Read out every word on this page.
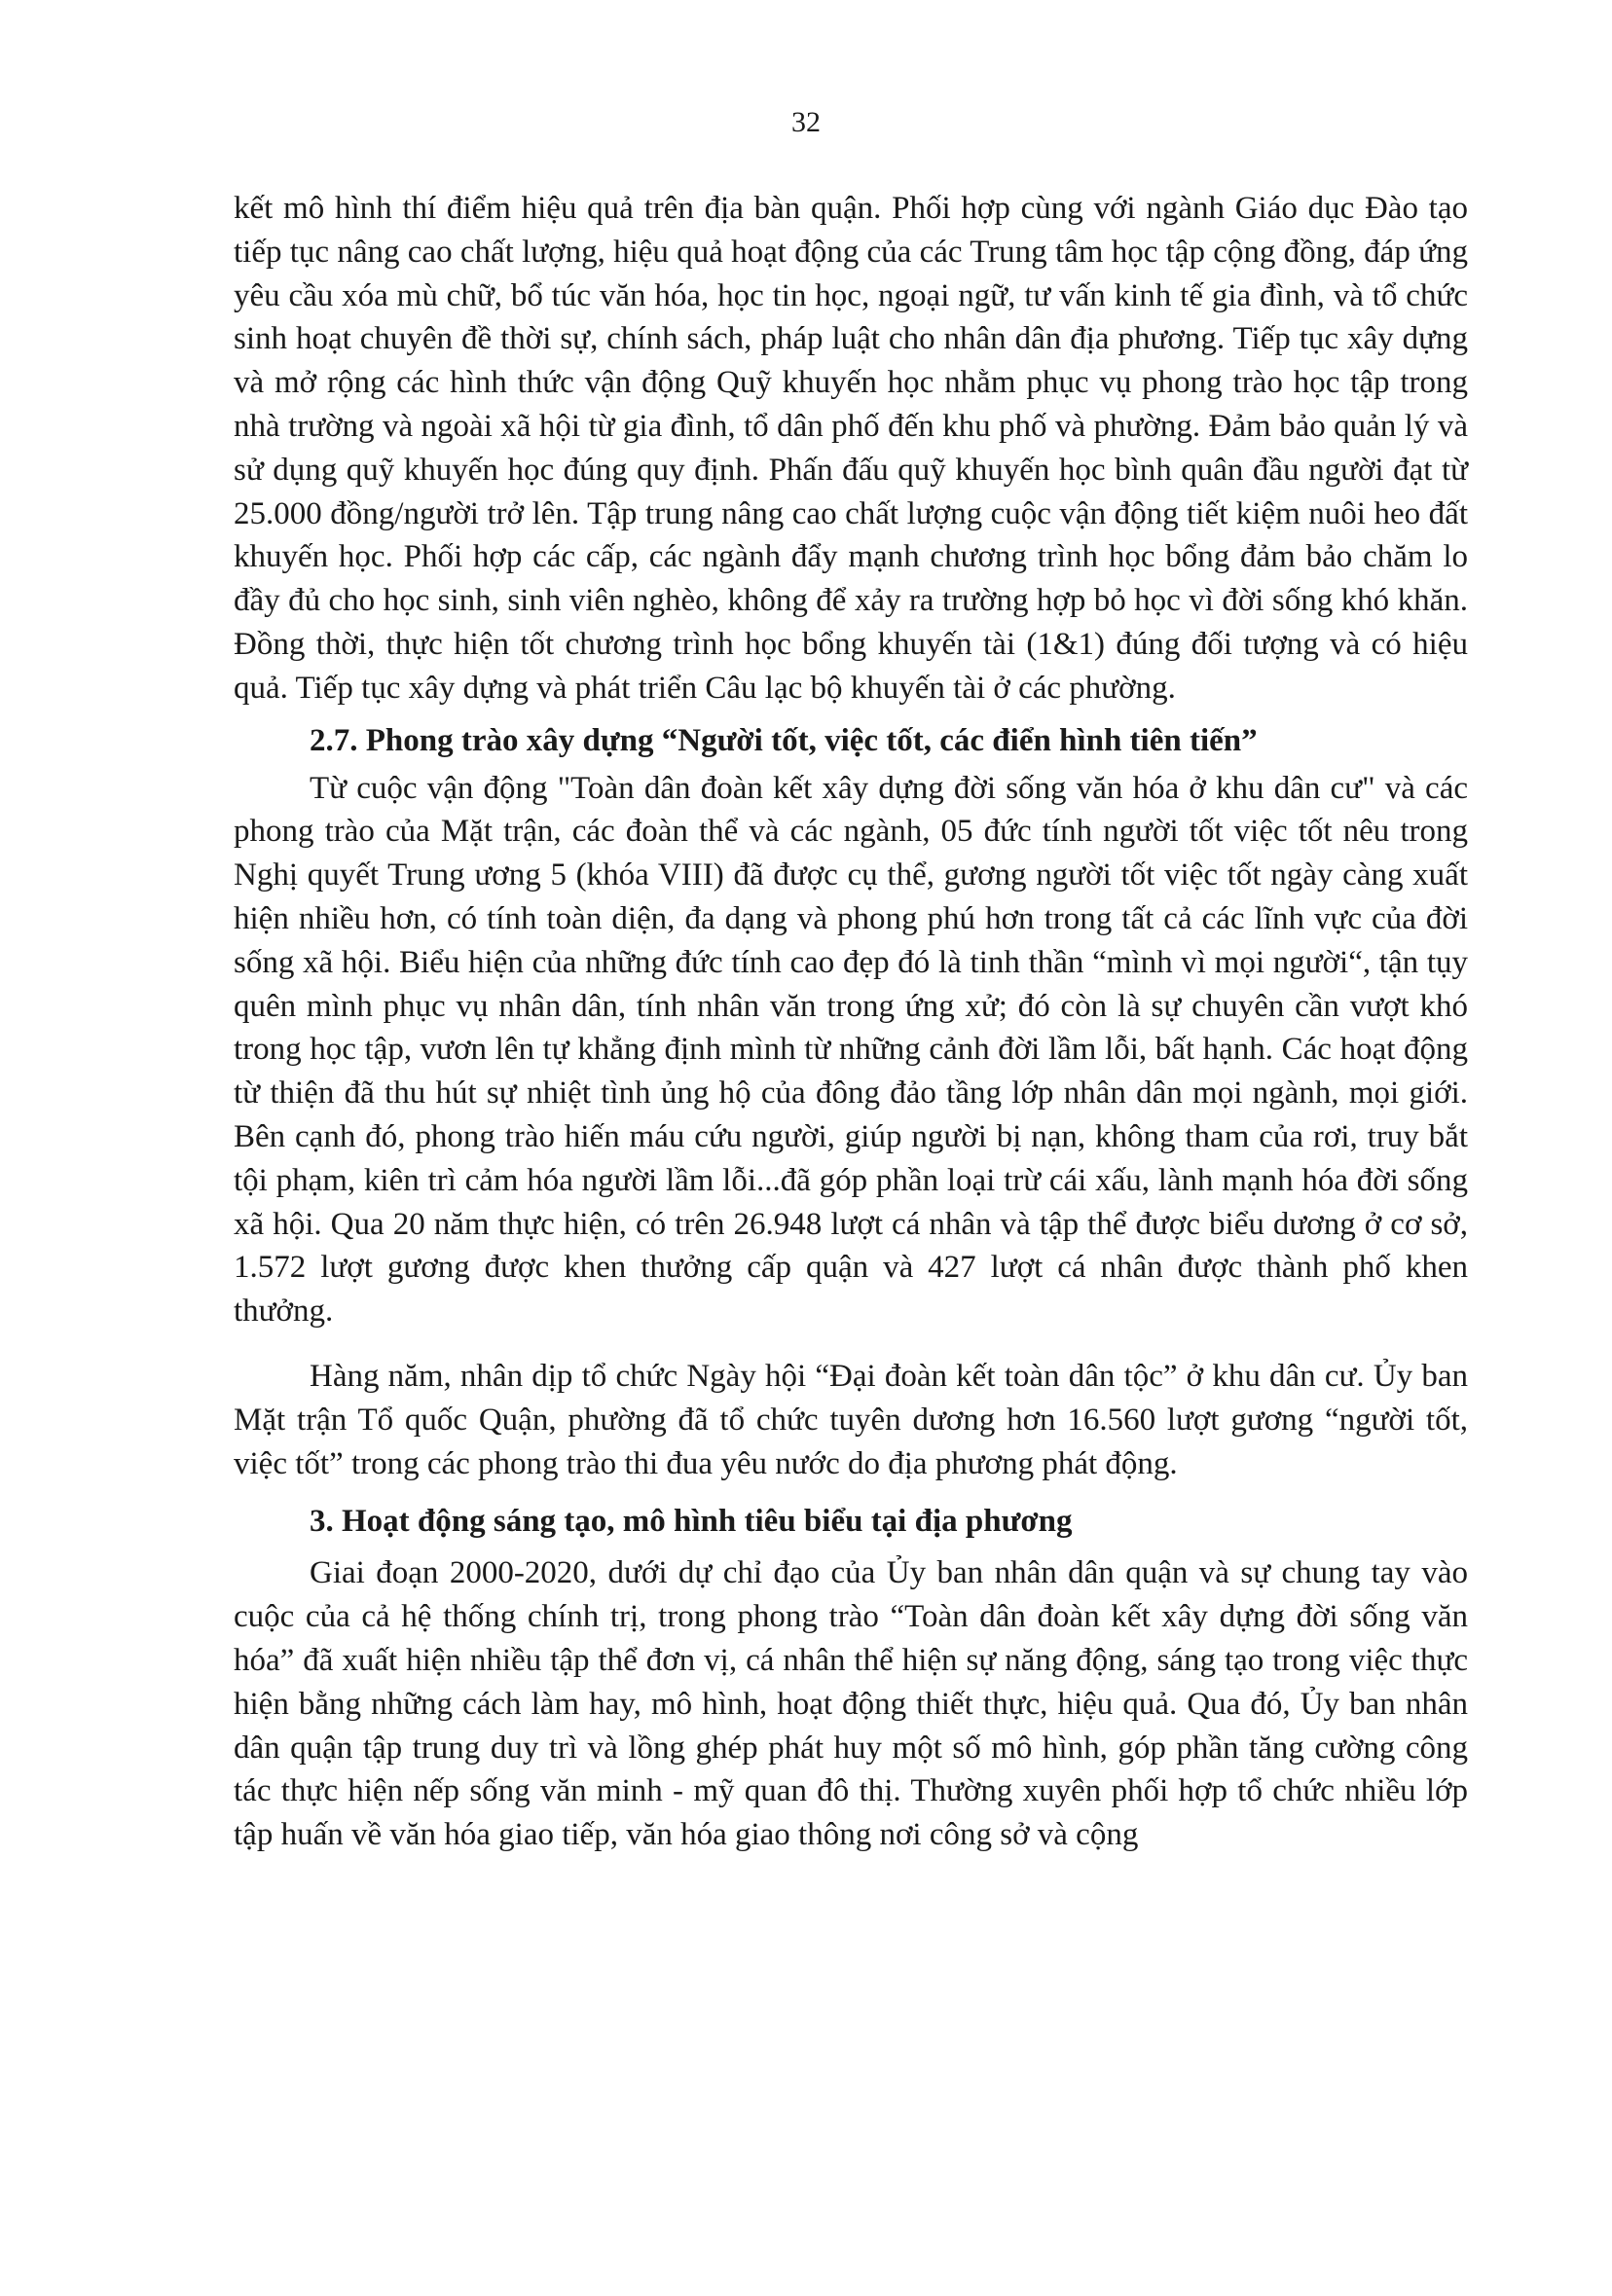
32

kết mô hình thí điểm hiệu quả trên địa bàn quận. Phối hợp cùng với ngành Giáo dục Đào tạo tiếp tục nâng cao chất lượng, hiệu quả hoạt động của các Trung tâm học tập cộng đồng, đáp ứng yêu cầu xóa mù chữ, bổ túc văn hóa, học tin học, ngoại ngữ, tư vấn kinh tế gia đình, và tổ chức sinh hoạt chuyên đề thời sự, chính sách, pháp luật cho nhân dân địa phương. Tiếp tục xây dựng và mở rộng các hình thức vận động Quỹ khuyến học nhằm phục vụ phong trào học tập trong nhà trường và ngoài xã hội từ gia đình, tổ dân phố đến khu phố và phường. Đảm bảo quản lý và sử dụng quỹ khuyến học đúng quy định. Phấn đấu quỹ khuyến học bình quân đầu người đạt từ 25.000 đồng/người trở lên. Tập trung nâng cao chất lượng cuộc vận động tiết kiệm nuôi heo đất khuyến học. Phối hợp các cấp, các ngành đẩy mạnh chương trình học bổng đảm bảo chăm lo đầy đủ cho học sinh, sinh viên nghèo, không để xảy ra trường hợp bỏ học vì đời sống khó khăn. Đồng thời, thực hiện tốt chương trình học bổng khuyến tài (1&1) đúng đối tượng và có hiệu quả. Tiếp tục xây dựng và phát triển Câu lạc bộ khuyến tài ở các phường.

2.7. Phong trào xây dựng “Người tốt, việc tốt, các điển hình tiên tiến”

Từ cuộc vận động "Toàn dân đoàn kết xây dựng đời sống văn hóa ở khu dân cư" và các phong trào của Mặt trận, các đoàn thể và các ngành, 05 đức tính người tốt việc tốt nêu trong Nghị quyết Trung ương 5 (khóa VIII) đã được cụ thể, gương người tốt việc tốt ngày càng xuất hiện nhiều hơn, có tính toàn diện, đa dạng và phong phú hơn trong tất cả các lĩnh vực của đời sống xã hội. Biểu hiện của những đức tính cao đẹp đó là tinh thần “mình vì mọi người“, tận tụy quên mình phục vụ nhân dân, tính nhân văn trong ứng xử; đó còn là sự chuyên cần vượt khó trong học tập, vươn lên tự khẳng định mình từ những cảnh đời lầm lỗi, bất hạnh. Các hoạt động từ thiện đã thu hút sự nhiệt tình ủng hộ của đông đảo tầng lớp nhân dân mọi ngành, mọi giới. Bên cạnh đó, phong trào hiến máu cứu người, giúp người bị nạn, không tham của rơi, truy bắt tội phạm, kiên trì cảm hóa người lầm lỗi...đã góp phần loại trừ cái xấu, lành mạnh hóa đời sống xã hội. Qua 20 năm thực hiện, có trên 26.948 lượt cá nhân và tập thể được biểu dương ở cơ sở, 1.572 lượt gương được khen thưởng cấp quận và 427 lượt cá nhân được thành phố khen thưởng.

Hàng năm, nhân dịp tổ chức Ngày hội “Đại đoàn kết toàn dân tộc” ở khu dân cư. Ủy ban Mặt trận Tổ quốc Quận, phường đã tổ chức tuyên dương hơn 16.560 lượt gương “người tốt, việc tốt” trong các phong trào thi đua yêu nước do địa phương phát động.

3. Hoạt động sáng tạo, mô hình tiêu biểu tại địa phương

Giai đoạn 2000-2020, dưới dự chỉ đạo của Ủy ban nhân dân quận và sự chung tay vào cuộc của cả hệ thống chính trị, trong phong trào “Toàn dân đoàn kết xây dựng đời sống văn hóa” đã xuất hiện nhiều tập thể đơn vị, cá nhân thể hiện sự năng động, sáng tạo trong việc thực hiện bằng những cách làm hay, mô hình, hoạt động thiết thực, hiệu quả. Qua đó, Ủy ban nhân dân quận tập trung duy trì và lồng ghép phát huy một số mô hình, góp phần tăng cường công tác thực hiện nếp sống văn minh - mỹ quan đô thị. Thường xuyên phối hợp tổ chức nhiều lớp tập huấn về văn hóa giao tiếp, văn hóa giao thông nơi công sở và cộng
